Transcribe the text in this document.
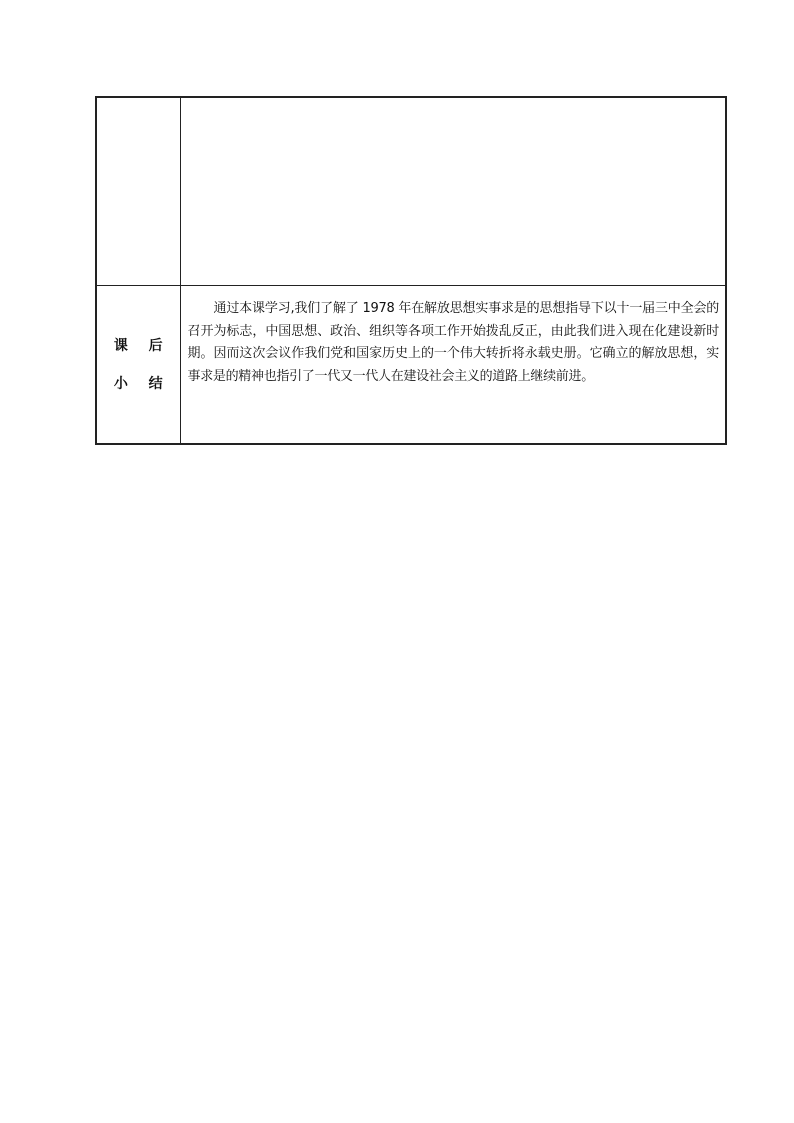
课 后
小 结	通过本课学习,我们了解了 1978 年在解放思想实事求是的思想指导下以十一届三中全会的召开为标志，中国思想、政治、组织等各项工作开始拨乱反正，由此我们进入现在化建设新时期。因而这次会议作我们党和国家历史上的一个伟大转折将永载史册。它确立的解放思想，实事求是的精神也指引了一代又一代人在建设社会主义的道路上继续前进。
